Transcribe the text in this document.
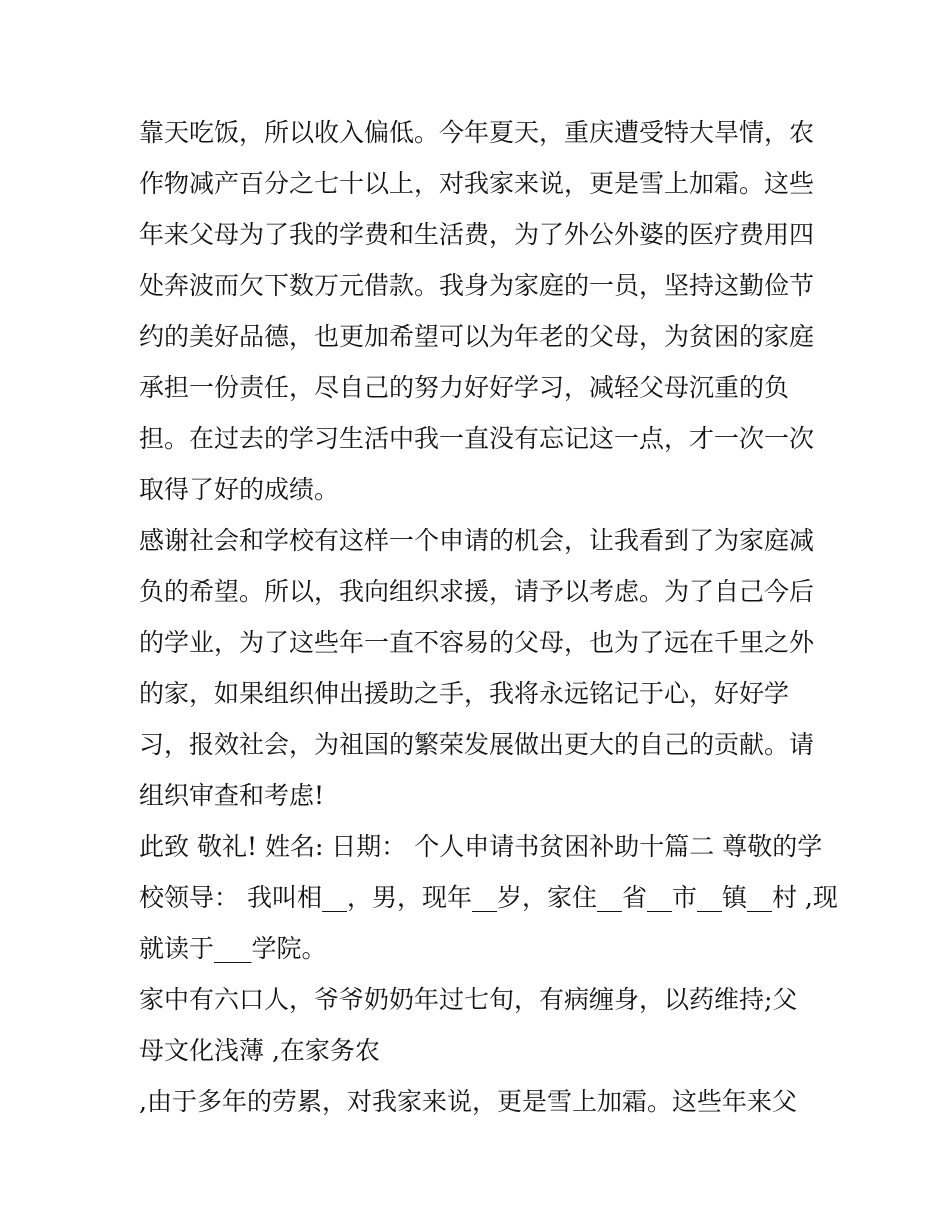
靠天吃饭，所以收入偏低。今年夏天，重庆遭受特大旱情，农
作物减产百分之七十以上，对我家来说，更是雪上加霜。这些
年来父母为了我的学费和生活费，为了外公外婆的医疗费用四
处奔波而欠下数万元借款。我身为家庭的一员，坚持这勤俭节
约的美好品德，也更加希望可以为年老的父母，为贫困的家庭
承担一份责任，尽自己的努力好好学习，减轻父母沉重的负
担。在过去的学习生活中我一直没有忘记这一点，才一次一次
取得了好的成绩。
感谢社会和学校有这样一个申请的机会，让我看到了为家庭减
负的希望。所以，我向组织求援，请予以考虑。为了自己今后
的学业，为了这些年一直不容易的父母，也为了远在千里之外
的家，如果组织伸出援助之手，我将永远铭记于心，好好学
习，报效社会，为祖国的繁荣发展做出更大的自己的贡献。请
组织审查和考虑!
此致 敬礼! 姓名: 日期： 个人申请书贫困补助十篇二 尊敬的学
校领导： 我叫相__，男，现年__岁，家住__省__市__镇__村 ,现
就读于___学院。
家中有六口人，爷爷奶奶年过七旬，有病缠身，以药维持;父
母文化浅薄 ,在家务农
,由于多年的劳累，对我家来说，更是雪上加霜。这些年来父
